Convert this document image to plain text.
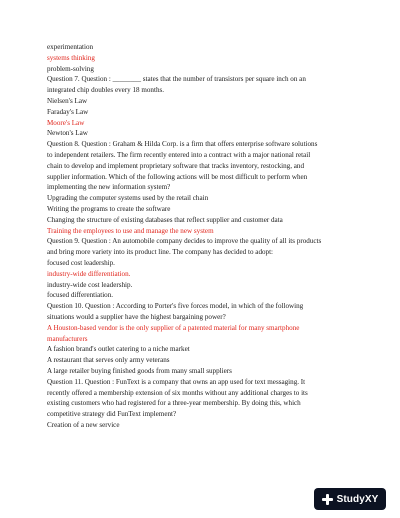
experimentation

systems thinking

problem-solving

Question 7. Question : ________ states that the number of transistors per square inch on an

integrated chip doubles every 18 months.

Nielsen's Law

Faraday's Law

Moore's Law

Newton's Law

Question 8. Question : Graham & Hilda Corp. is a firm that offers enterprise software solutions

to independent retailers. The firm recently entered into a contract with a major national retail

chain to develop and implement proprietary software that tracks inventory, restocking, and

supplier information. Which of the following actions will be most difficult to perform when

implementing the new information system?

Upgrading the computer systems used by the retail chain

Writing the programs to create the software

Changing the structure of existing databases that reflect supplier and customer data

Training the employees to use and manage the new system

Question 9. Question : An automobile company decides to improve the quality of all its products

and bring more variety into its product line. The company has decided to adopt:

focused cost leadership.

industry-wide differentiation.

industry-wide cost leadership.

focused differentiation.

Question 10. Question : According to Porter's five forces model, in which of the following

situations would a supplier have the highest bargaining power?

A Houston-based vendor is the only supplier of a patented material for many smartphone

manufacturers

A fashion brand's outlet catering to a niche market

A restaurant that serves only army veterans

A large retailer buying finished goods from many small suppliers

Question 11. Question : FunText is a company that owns an app used for text messaging. It

recently offered a membership extension of six months without any additional charges to its

existing customers who had registered for a three-year membership. By doing this, which

competitive strategy did FunText implement?

Creation of a new service

StudyXY
